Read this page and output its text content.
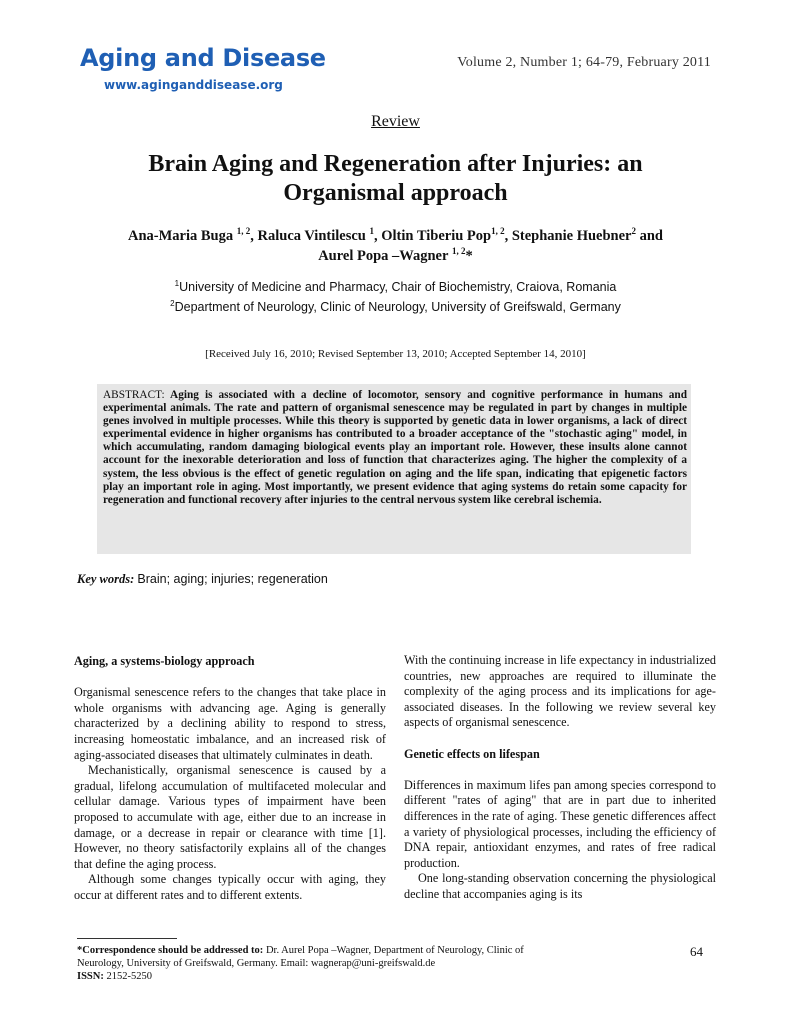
Aging and Disease
www.aginganddisease.org
Volume 2, Number 1; 64-79, February 2011
Review
Brain Aging and Regeneration after Injuries: an
Organismal approach
Ana-Maria Buga $^{1, 2}$, Raluca Vintilescu $^1$, Oltin Tiberiu Pop$^{1, 2}$, Stephanie Huebner$^2$ and
Aurel Popa –Wagner $^{1, 2}$*
$^1$University of Medicine and Pharmacy, Chair of Biochemistry, Craiova, Romania
$^2$Department of Neurology, Clinic of Neurology, University of Greifswald, Germany
[Received July 16, 2010; Revised September 13, 2010; Accepted September 14, 2010]
ABSTRACT: Aging is associated with a decline of locomotor, sensory and cognitive performance in humans and experimental animals. The rate and pattern of organismal senescence may be regulated in part by changes in multiple genes involved in multiple processes. While this theory is supported by genetic data in lower organisms, a lack of direct experimental evidence in higher organisms has contributed to a broader acceptance of the "stochastic aging" model, in which accumulating, random damaging biological events play an important role. However, these insults alone cannot account for the inexorable deterioration and loss of function that characterizes aging. The higher the complexity of a system, the less obvious is the effect of genetic regulation on aging and the life span, indicating that epigenetic factors play an important role in aging. Most importantly, we present evidence that aging systems do retain some capacity for regeneration and functional recovery after injuries to the central nervous system like cerebral ischemia.
Key words: Brain; aging; injuries; regeneration
Aging, a systems-biology approach

Organismal senescence refers to the changes that take place in whole organisms with advancing age. Aging is generally characterized by a declining ability to respond to stress, increasing homeostatic imbalance, and an increased risk of aging-associated diseases that ultimately culminates in death.

Mechanistically, organismal senescence is caused by a gradual, lifelong accumulation of multifaceted molecular and cellular damage. Various types of impairment have been proposed to accumulate with age, either due to an increase in damage, or a decrease in repair or clearance with time [1]. However, no theory satisfactorily explains all of the changes that define the aging process.

Although some changes typically occur with aging, they occur at different rates and to different extents.

With the continuing increase in life expectancy in industrialized countries, new approaches are required to illuminate the complexity of the aging process and its implications for age-associated diseases. In the following we review several key aspects of organismal senescence.

Genetic effects on lifespan

Differences in maximum lifes pan among species correspond to different "rates of aging" that are in part due to inherited differences in the rate of aging. These genetic differences affect a variety of physiological processes, including the efficiency of DNA repair, antioxidant enzymes, and rates of free radical production.

One long-standing observation concerning the physiological decline that accompanies aging is its

*Correspondence should be addressed to: Dr. Aurel Popa –Wagner, Department of Neurology, Clinic of Neurology, University of Greifswald, Germany. Email: wagnerap@uni-greifswald.de
ISSN: 2152-5250
64
